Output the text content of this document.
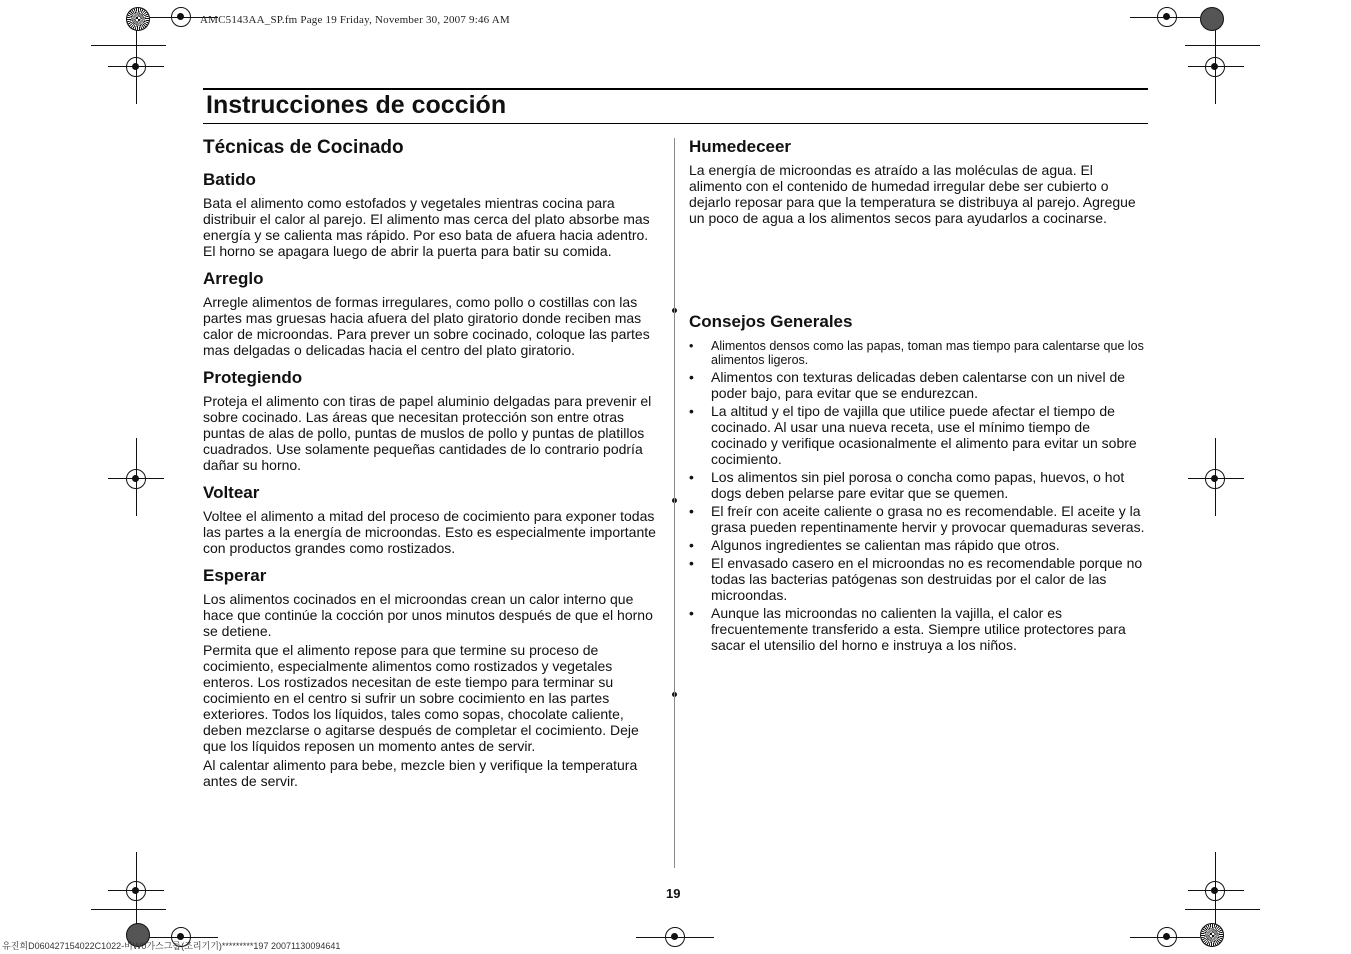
AMC5143AA_SP.fm Page 19 Friday, November 30, 2007 9:46 AM
유진희D060427154022C1022-비W0가스그룹(조리기기)*********197 20071130094641
Instrucciones de cocción
Técnicas de Cocinado
Batido

Bata el alimento como estofados y vegetales mientras cocina para distribuir el calor al parejo. El alimento mas cerca del plato absorbe mas energía y se calienta mas rápido. Por eso bata de afuera hacia adentro. El horno se apagara luego de abrir la puerta para batir su comida.

Arreglo

Arregle alimentos de formas irregulares, como pollo o costillas con las partes mas gruesas hacia afuera del plato giratorio donde reciben mas calor de microondas. Para prever un sobre cocinado, coloque las partes mas delgadas o delicadas hacia el centro del plato giratorio.

Protegiendo

Proteja el alimento con tiras de papel aluminio delgadas para prevenir el sobre cocinado. Las áreas que necesitan protección son entre otras puntas de alas de pollo, puntas de muslos de pollo y puntas de platillos cuadrados. Use solamente pequeñas cantidades de lo contrario podría dañar su horno.

Voltear

Voltee el alimento a mitad del proceso de cocimiento para exponer todas las partes a la energía de microondas. Esto es especialmente importante con productos grandes como rostizados.

Esperar

Los alimentos cocinados en el microondas crean un calor interno que hace que continúe la cocción por unos minutos después de que el horno se detiene.

Permita que el alimento repose para que termine su proceso de cocimiento, especialmente alimentos como rostizados y vegetales enteros. Los rostizados necesitan de este tiempo para terminar su cocimiento en el centro si sufrir un sobre cocimiento en las partes exteriores. Todos los líquidos, tales como sopas, chocolate caliente, deben mezclarse o agitarse después de completar el cocimiento. Deje que los líquidos reposen un momento antes de servir.

Al calentar alimento para bebe, mezcle bien y verifique la temperatura antes de servir.

Humedeceer

La energía de microondas es atraído a las moléculas de agua. El alimento con el contenido de humedad irregular debe ser cubierto o dejarlo reposar para que la temperatura se distribuya al parejo. Agregue un poco de agua a los alimentos secos para ayudarlos a cocinarse.

Consejos Generales
• Alimentos densos como las papas, toman mas tiempo para calentarse que los alimentos ligeros.
• Alimentos con texturas delicadas deben calentarse con un nivel de poder bajo, para evitar que se endurezcan.
• La altitud y el tipo de vajilla que utilice puede afectar el tiempo de cocinado. Al usar una nueva receta, use el mínimo tiempo de cocinado y verifique ocasionalmente el alimento para evitar un sobre cocimiento.
• Los alimentos sin piel porosa o concha como papas, huevos, o hot dogs deben pelarse pare evitar que se quemen.
• El freír con aceite caliente o grasa no es recomendable. El aceite y la grasa pueden repentinamente hervir y provocar quemaduras severas.
• Algunos ingredientes se calientan mas rápido que otros.
• El envasado casero en el microondas no es recomendable porque no todas las bacterias patógenas son destruidas por el calor de las microondas.
• Aunque las microondas no calienten la vajilla, el calor es frecuentemente transferido a esta. Siempre utilice protectores para sacar el utensilio del horno e instruya a los niños.
19
